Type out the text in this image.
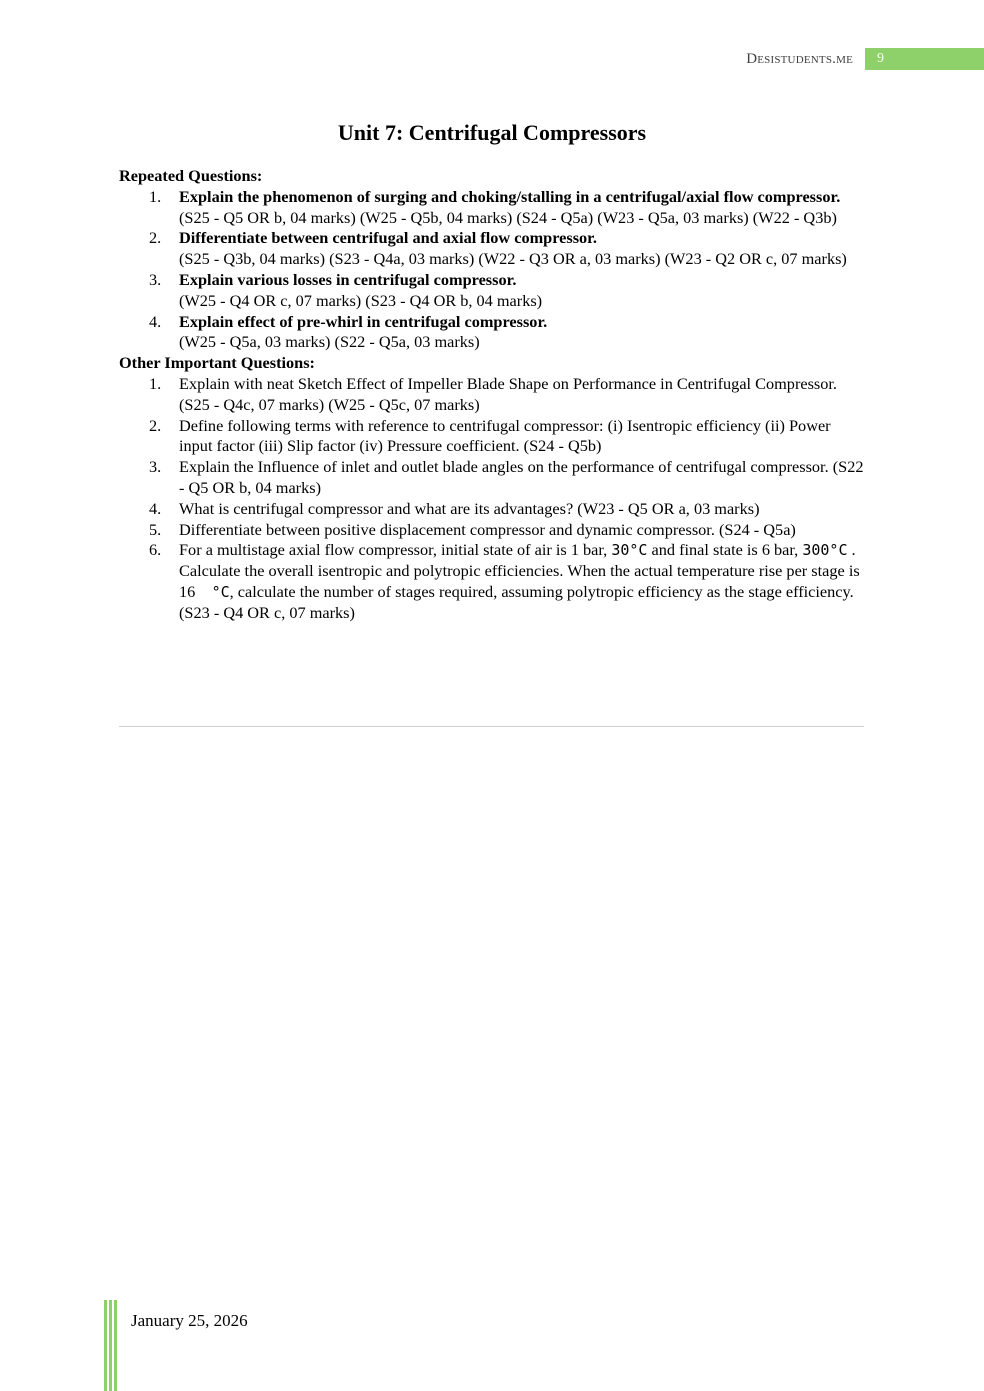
Desistudents.me	9
Unit 7: Centrifugal Compressors

Repeated Questions:

1. Explain the phenomenon of surging and choking/stalling in a centrifugal/axial flow compressor.
(S25 - Q5 OR b, 04 marks) (W25 - Q5b, 04 marks) (S24 - Q5a) (W23 - Q5a, 03 marks) (W22 - Q3b)
2. Differentiate between centrifugal and axial flow compressor.
(S25 - Q3b, 04 marks) (S23 - Q4a, 03 marks) (W22 - Q3 OR a, 03 marks) (W23 - Q2 OR c, 07 marks)
3. Explain various losses in centrifugal compressor.
(W25 - Q4 OR c, 07 marks) (S23 - Q4 OR b, 04 marks)
4. Explain effect of pre-whirl in centrifugal compressor.
(W25 - Q5a, 03 marks) (S22 - Q5a, 03 marks)

Other Important Questions:

1. Explain with neat Sketch Effect of Impeller Blade Shape on Performance in Centrifugal Compressor. (S25 - Q4c, 07 marks) (W25 - Q5c, 07 marks)
2. Define following terms with reference to centrifugal compressor: (i) Isentropic efficiency (ii) Power input factor (iii) Slip factor (iv) Pressure coefficient. (S24 - Q5b)
3. Explain the Influence of inlet and outlet blade angles on the performance of centrifugal compressor. (S22 - Q5 OR b, 04 marks)
4. What is centrifugal compressor and what are its advantages? (W23 - Q5 OR a, 03 marks)
5. Differentiate between positive displacement compressor and dynamic compressor. (S24 - Q5a)
6. For a multistage axial flow compressor, initial state of air is 1 bar, 30°C and final state is 6 bar, 300°C . Calculate the overall isentropic and polytropic efficiencies. When the actual temperature rise per stage is 16    °C, calculate the number of stages required, assuming polytropic efficiency as the stage efficiency. (S23 - Q4 OR c, 07 marks)
January 25, 2026
